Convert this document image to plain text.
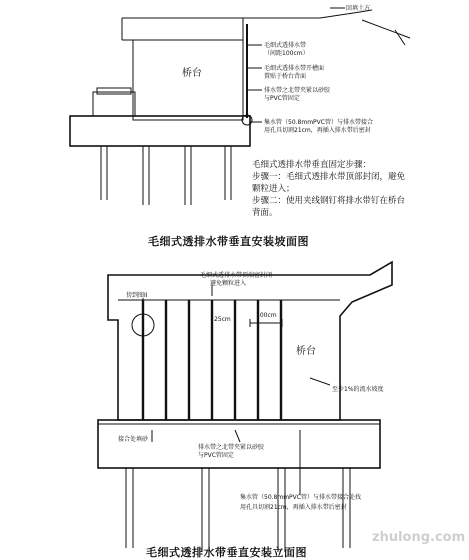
回填土方
桥台
毛细式透排水带
（间距100cm）
毛细式透排水带开槽面
置贴于桥台背面
排水带之北带夹紧以砂胶
与PVC管固定
集水管（50.8mmPVC管）与排水带接合
用孔具切割21cm，再插入排水带后密封
毛细式透排水带垂直固定步骤：
步骤一：毛细式透排水带顶部封闭，避免
颗粒进入；
步骤二：使用夹线钢钉将排水带钉在桥台
背面。
毛细式透排水带垂直安装坡面图
毛细式透排水带顶端密封闭
避免颗粒进入
傍到图II
25cm
100cm
桥台
至少1%的流水坡度
接合处填砂
排水带之北带夹紧以砂胶
与PVC管固定
集水管（50.8mmPVC管）与排水带接合处找
用孔具切割21cm，再插入排水带后密封
毛细式透排水带垂直安装立面图
zhulong.com
